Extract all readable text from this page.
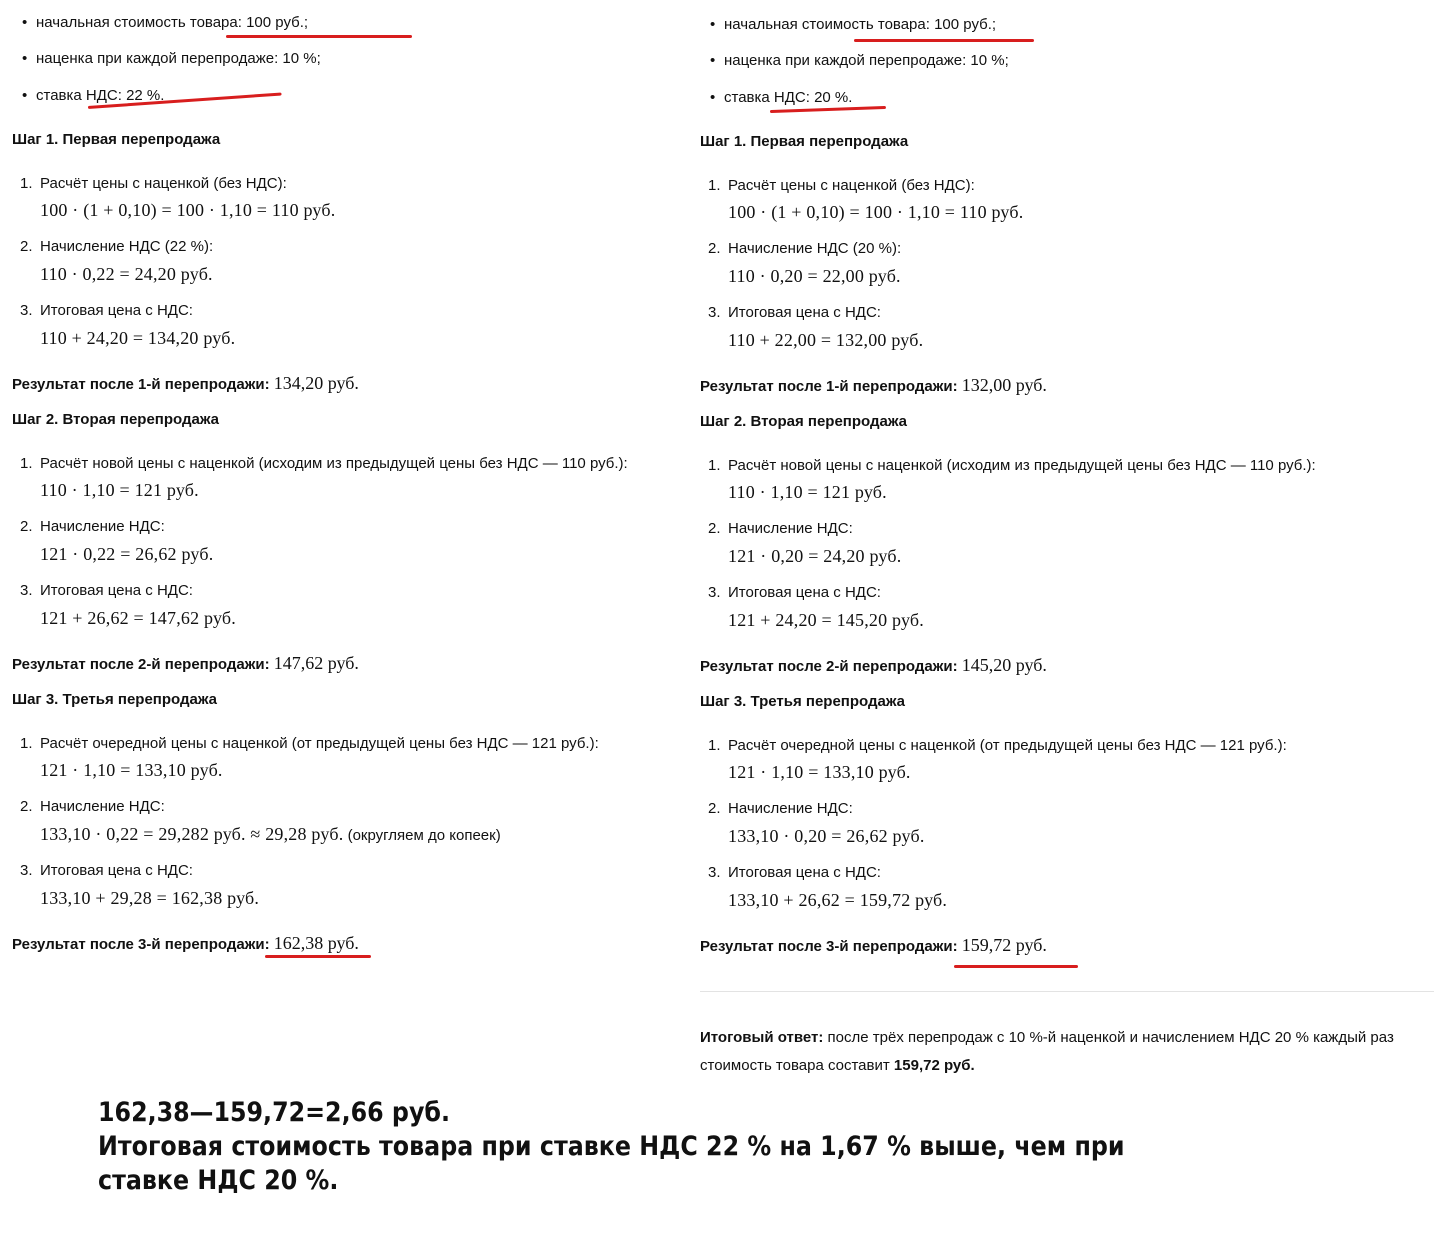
• начальная стоимость товара: 100 руб.;
• наценка при каждой перепродаже: 10 %;
• ставка НДС: 22 %.
Шаг 1. Первая перепродажа
1. Расчёт цены с наценкой (без НДС):
100 · (1 + 0,10) = 100 · 1,10 = 110 руб.
2. Начисление НДС (22 %):
110 · 0,22 = 24,20 руб.
3. Итоговая цена с НДС:
110 + 24,20 = 134,20 руб.
Результат после 1-й перепродажи: 134,20 руб.
Шаг 2. Вторая перепродажа
1. Расчёт новой цены с наценкой (исходим из предыдущей цены без НДС — 110 руб.):
110 · 1,10 = 121 руб.
2. Начисление НДС:
121 · 0,22 = 26,62 руб.
3. Итоговая цена с НДС:
121 + 26,62 = 147,62 руб.
Результат после 2-й перепродажи: 147,62 руб.
Шаг 3. Третья перепродажа
1. Расчёт очередной цены с наценкой (от предыдущей цены без НДС — 121 руб.):
121 · 1,10 = 133,10 руб.
2. Начисление НДС:
133,10 · 0,22 = 29,282 руб. ≈ 29,28 руб. (округляем до копеек)
3. Итоговая цена с НДС:
133,10 + 29,28 = 162,38 руб.
Результат после 3-й перепродажи: 162,38 руб.
• начальная стоимость товара: 100 руб.;
• наценка при каждой перепродаже: 10 %;
• ставка НДС: 20 %.
Шаг 1. Первая перепродажа
1. Расчёт цены с наценкой (без НДС):
100 · (1 + 0,10) = 100 · 1,10 = 110 руб.
2. Начисление НДС (20 %):
110 · 0,20 = 22,00 руб.
3. Итоговая цена с НДС:
110 + 22,00 = 132,00 руб.
Результат после 1-й перепродажи: 132,00 руб.
Шаг 2. Вторая перепродажа
1. Расчёт новой цены с наценкой (исходим из предыдущей цены без НДС — 110 руб.):
110 · 1,10 = 121 руб.
2. Начисление НДС:
121 · 0,20 = 24,20 руб.
3. Итоговая цена с НДС:
121 + 24,20 = 145,20 руб.
Результат после 2-й перепродажи: 145,20 руб.
Шаг 3. Третья перепродажа
1. Расчёт очередной цены с наценкой (от предыдущей цены без НДС — 121 руб.):
121 · 1,10 = 133,10 руб.
2. Начисление НДС:
133,10 · 0,20 = 26,62 руб.
3. Итоговая цена с НДС:
133,10 + 26,62 = 159,72 руб.
Результат после 3-й перепродажи: 159,72 руб.
Итоговый ответ: после трёх перепродаж с 10 %-й наценкой и начислением НДС 20 % каждый раз
стоимость товара составит 159,72 руб.
162,38—159,72=2,66 руб.
Итоговая стоимость товара при ставке НДС 22 % на 1,67 % выше, чем при
ставке НДС 20 %.
